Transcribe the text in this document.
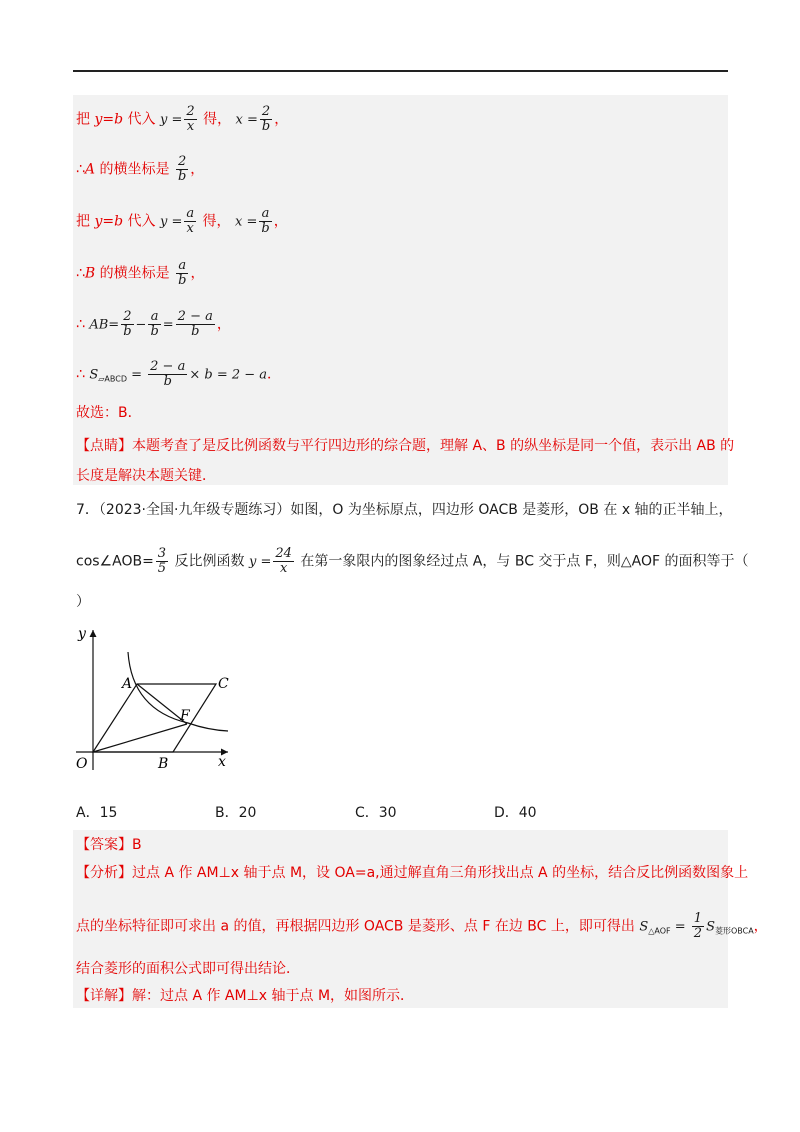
把 y=b 代入 $y = \frac{2}{x}$ 得， $x = \frac{2}{b}$ ，
∴A 的横坐标是 $\frac{2}{b}$ ，
把 y=b 代入 $y = \frac{a}{x}$ 得， $x = \frac{a}{b}$ ，
∴B 的横坐标是 $\frac{a}{b}$ ，
∴ $AB= \frac{2}{b} - \frac{a}{b} = \frac{2 - a}{b}$ ，
∴ $S_{▱ABCD} = \frac{2 - a}{b} \times b = 2 - a$．
故选：B．
【点睛】本题考查了是反比例函数与平行四边形的综合题，理解 A、B 的纵坐标是同一个值，表示出 AB 的
长度是解决本题关键．
7．（2023·全国·九年级专题练习）如图，O 为坐标原点，四边形 OACB 是菱形，OB 在 x 轴的正半轴上，
cos∠AOB= $\frac{3}{5}$ 反比例函数 $y = \frac{24}{x}$ 在第一象限内的图象经过点 A，与 BC 交于点 F，则△AOF 的面积等于（
）
y
x
O
A	C
F
B
A．15	B．20	C．30	D．40
【答案】B
【分析】过点 A 作 AM⊥x 轴于点 M，设 OA=a,通过解直角三角形找出点 A 的坐标，结合反比例函数图象上
点的坐标特征即可求出 a 的值，再根据四边形 OACB 是菱形、点 F 在边 BC 上，即可得出 $S_{\triangle AOF} = \frac{1}{2} S_{菱形OBCA}$，
结合菱形的面积公式即可得出结论．
【详解】解：过点 A 作 AM⊥x 轴于点 M，如图所示．
